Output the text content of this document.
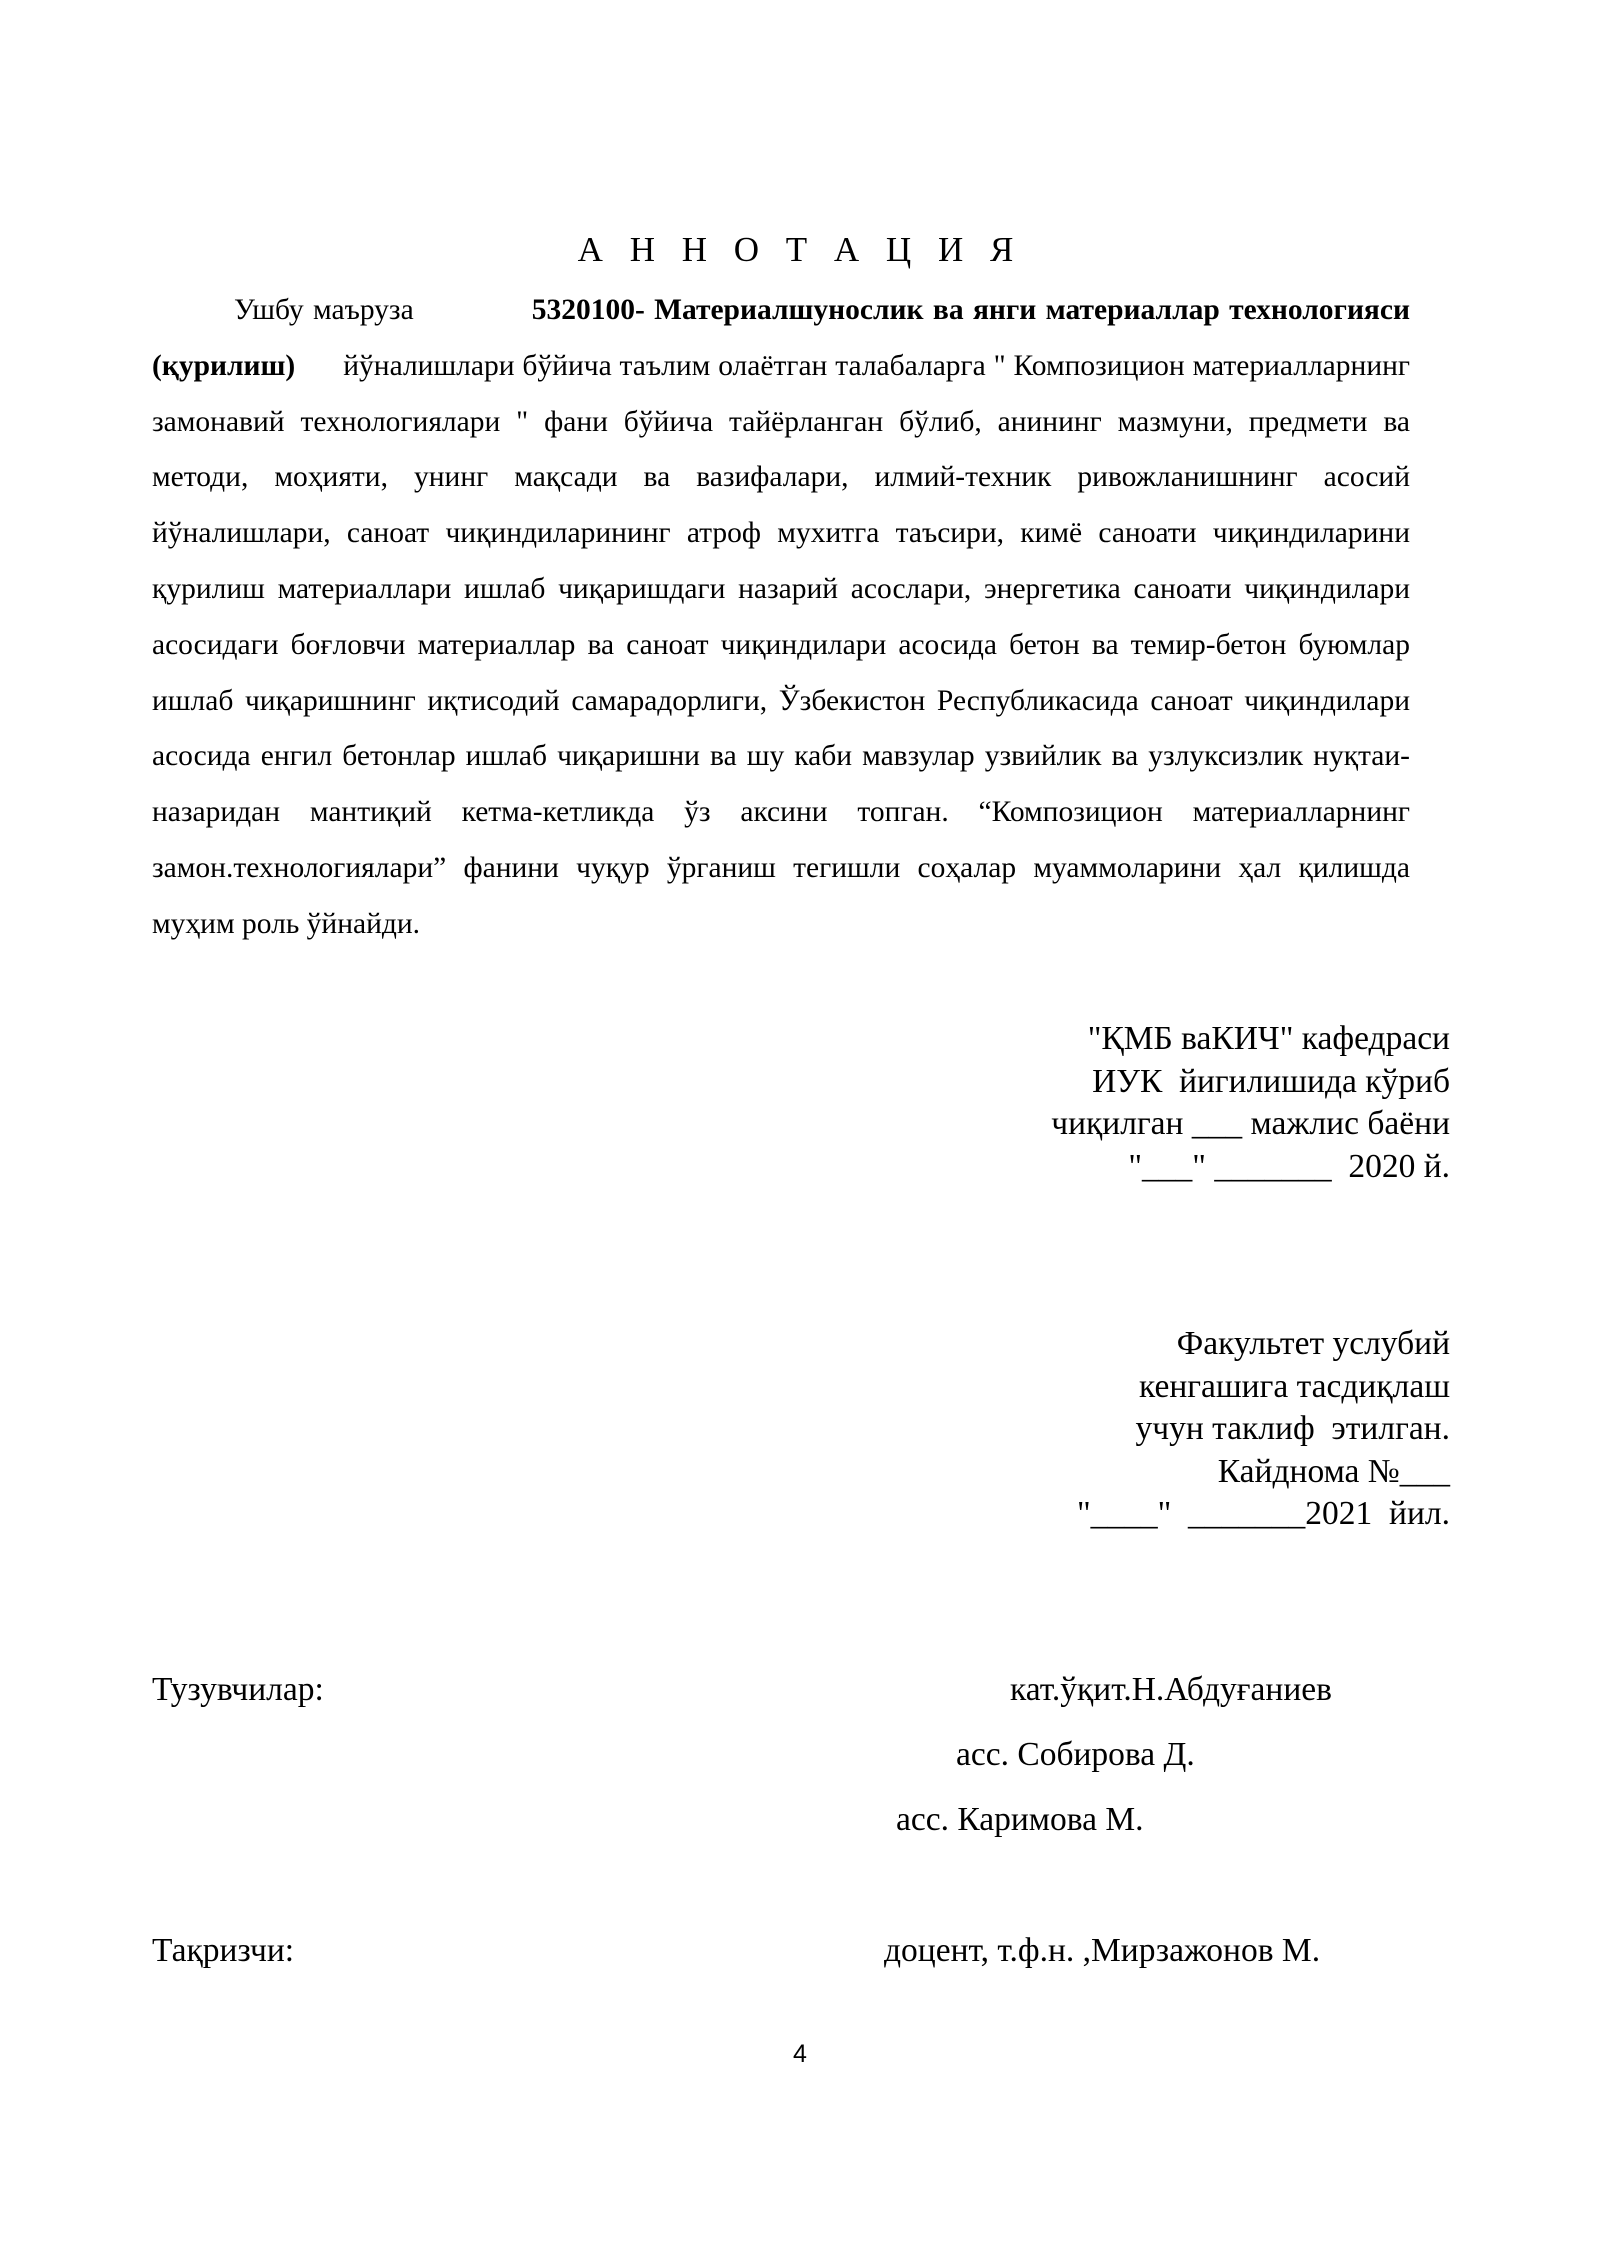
А Н Н О Т А Ц И Я

Ушбу маъруза	5320100- Материалшунослик ва янги материаллар технологияси (қурилиш) йўналишлари бўйича таълим олаётган талабаларга " Композицион материалларнинг замонавий технологиялари " фани бўйича тайёрланган бўлиб, анининг мазмуни, предмети ва методи, моҳияти, унинг мақсади ва вазифалари, илмий-техник ривожланишнинг асосий йўналишлари, саноат чиқиндиларининг атроф мухитга таъсири, кимё саноати чиқиндиларини қурилиш материаллари ишлаб чиқаришдаги назарий асослари, энергетика саноати чиқиндилари асосидаги боғловчи материаллар ва саноат чиқиндилари асосида бетон ва темир-бетон буюмлар ишлаб чиқаришнинг иқтисодий самарадорлиги, Ўзбекистон Республикасида саноат чиқиндилари асосида енгил бетонлар ишлаб чиқаришни ва шу каби мавзулар узвийлик ва узлуксизлик нуқтаи-назаридан мантиқий кетма-кетликда ўз аксини топган. “Композицион материалларнинг замон.технологиялари” фанини чуқур ўрганиш тегишли соҳалар муаммоларини ҳал қилишда муҳим роль ўйнайди.

"ҚМБ ваКИЧ" кафедраси
ИУК  йигилишида кўриб
чиқилган ___ мажлис баёни
"___" _______  2020 й.
Факультет услубий
кенгашига тасдиқлаш
учун таклиф  этилган.
Кайднома №___
"____"  _______2021  йил.
Тузувчилар:	кат.ўқит.Н.Абдуғаниев
асс. Собирова Д.
асс. Каримова М.
Тақризчи:	доцент, т.ф.н. ,Мирзажонов М.
4
